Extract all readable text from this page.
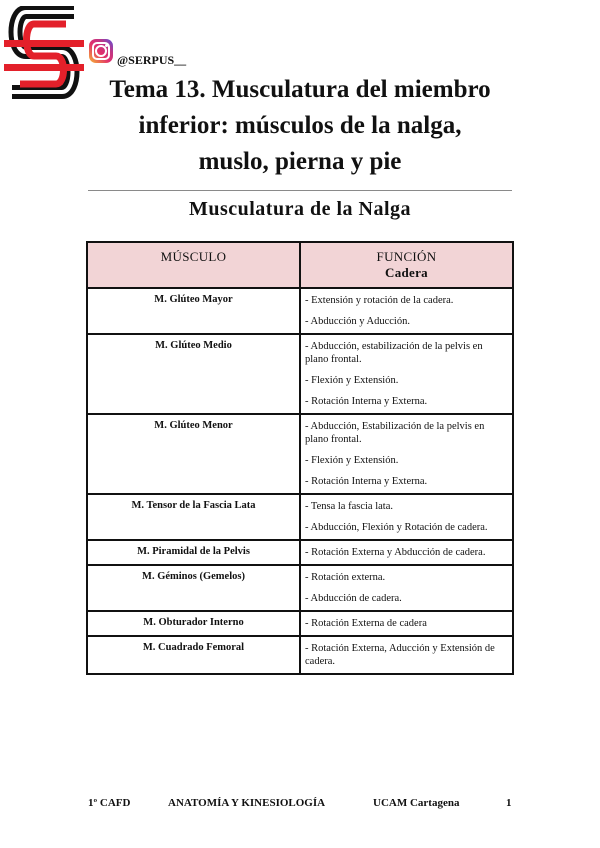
@SERPUS__
Tema 13. Musculatura del miembro
inferior: músculos de la nalga,
muslo, pierna y pie
Musculatura de la Nalga
MÚSCULO	FUNCIÓN
Cadera

M. Glúteo Mayor	- Extensión y rotación de la cadera.

- Abducción y Aducción.

M. Glúteo Medio	- Abducción, estabilización de la pelvis en plano frontal.

- Flexión y Extensión.

- Rotación Interna y Externa.

M. Glúteo Menor	- Abducción, Estabilización de la pelvis en plano frontal.

- Flexión y Extensión.

- Rotación Interna y Externa.

M. Tensor de la Fascia Lata	- Tensa la fascia lata.

- Abducción, Flexión y Rotación de cadera.

M. Piramidal de la Pelvis	- Rotación Externa y Abducción de cadera.

M. Géminos (Gemelos)	- Rotación externa.

- Abducción de cadera.

M. Obturador Interno	- Rotación Externa de cadera

M. Cuadrado Femoral	- Rotación Externa, Aducción y Extensión de cadera.

1º CAFD	ANATOMÍA Y KINESIOLOGÍA	UCAM Cartagena	1
